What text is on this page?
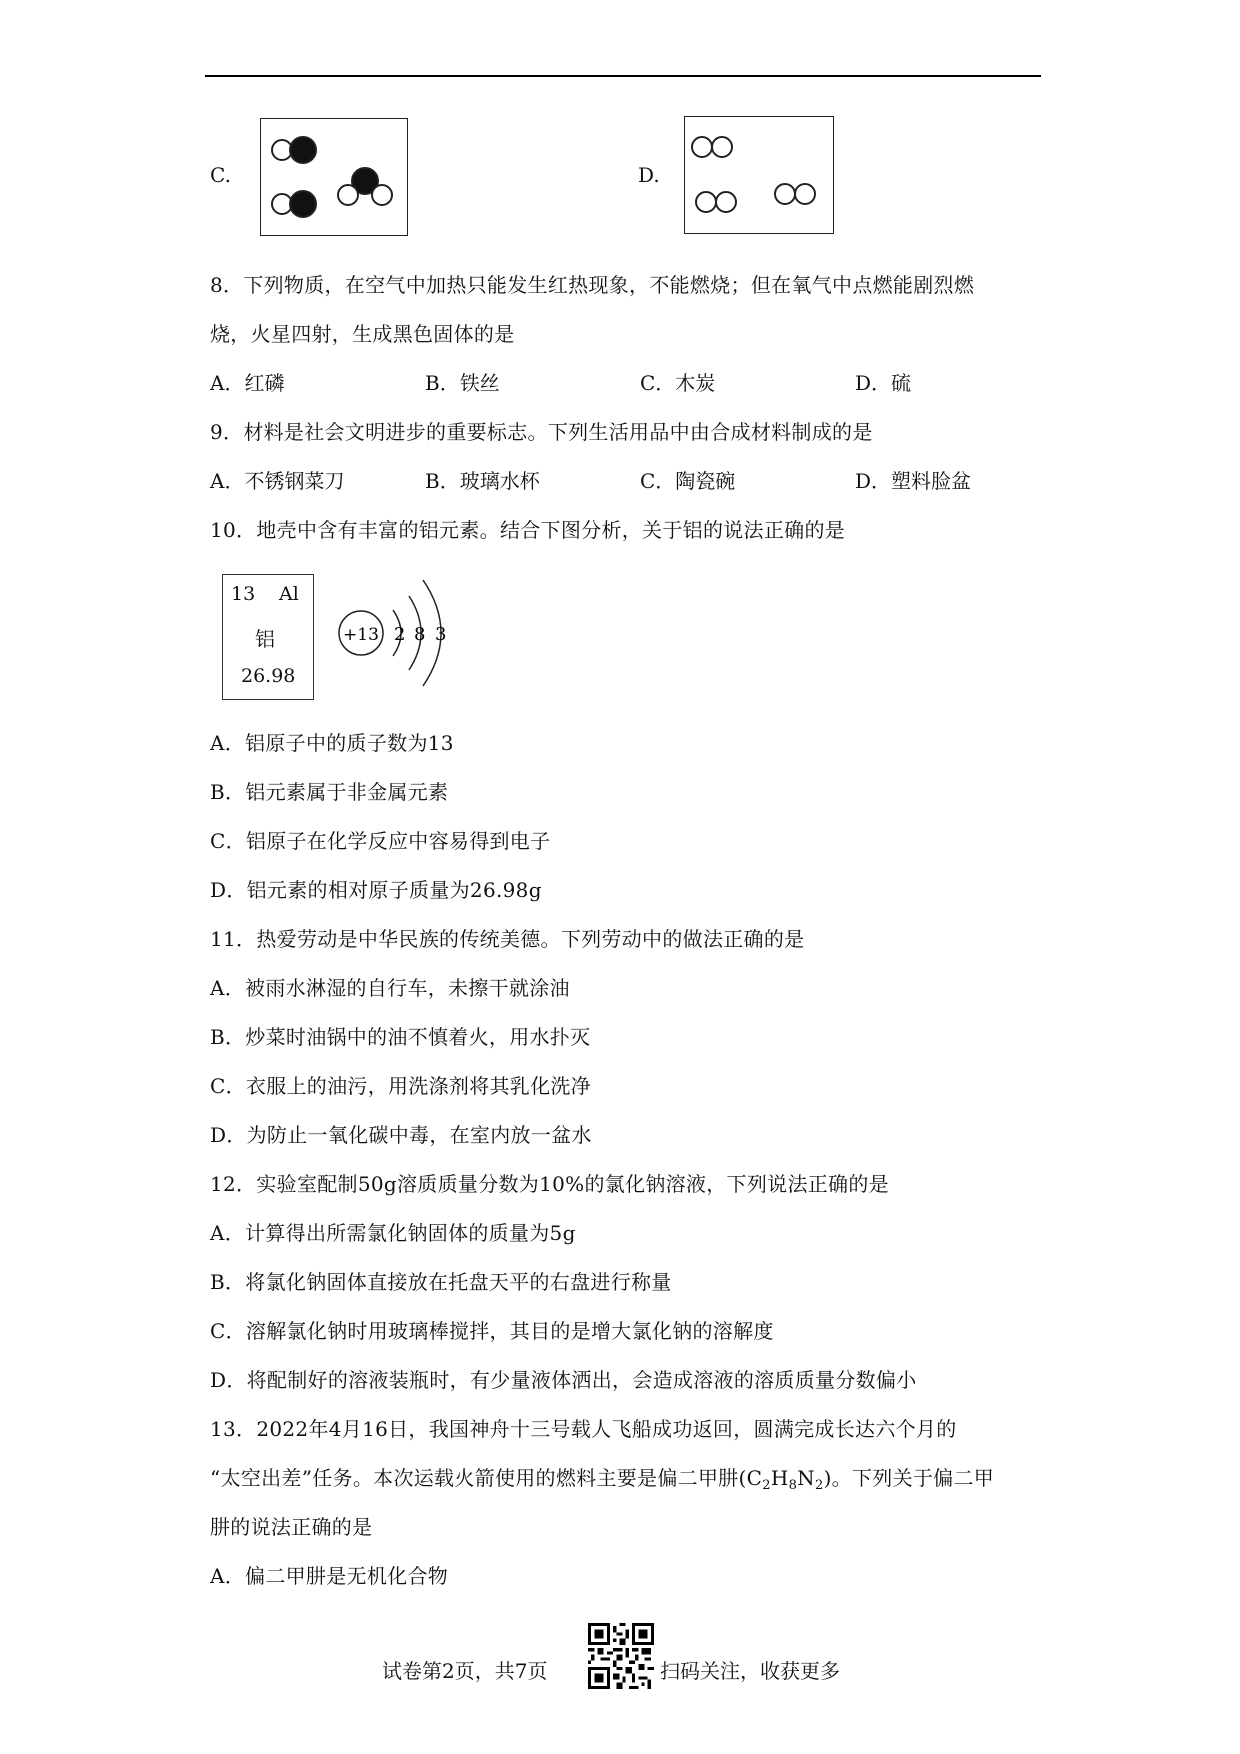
C.	D.
8．下列物质，在空气中加热只能发生红热现象，不能燃烧；但在氧气中点燃能剧烈燃
烧，火星四射，生成黑色固体的是
A．红磷	B．铁丝	C．木炭	D．硫
9．材料是社会文明进步的重要标志。下列生活用品中由合成材料制成的是
A．不锈钢菜刀	B．玻璃水杯	C．陶瓷碗	D．塑料脸盆
10．地壳中含有丰富的铝元素。结合下图分析，关于铝的说法正确的是
13 Al
铝
26.98
+13 2 8 3
A．铝原子中的质子数为13
B．铝元素属于非金属元素
C．铝原子在化学反应中容易得到电子
D．铝元素的相对原子质量为26.98g
11．热爱劳动是中华民族的传统美德。下列劳动中的做法正确的是
A．被雨水淋湿的自行车，未擦干就涂油
B．炒菜时油锅中的油不慎着火，用水扑灭
C．衣服上的油污，用洗涤剂将其乳化洗净
D．为防止一氧化碳中毒，在室内放一盆水
12．实验室配制50g溶质质量分数为10%的氯化钠溶液，下列说法正确的是
A．计算得出所需氯化钠固体的质量为5g
B．将氯化钠固体直接放在托盘天平的右盘进行称量
C．溶解氯化钠时用玻璃棒搅拌，其目的是增大氯化钠的溶解度
D．将配制好的溶液装瓶时，有少量液体洒出，会造成溶液的溶质质量分数偏小
13．2022年4月16日，我国神舟十三号载人飞船成功返回，圆满完成长达六个月的
“太空出差”任务。本次运载火箭使用的燃料主要是偏二甲肼$(C_2H_8N_2)$。下列关于偏二甲
肼的说法正确的是
A．偏二甲肼是无机化合物
试卷第2页，共7页	扫码关注，收获更多
